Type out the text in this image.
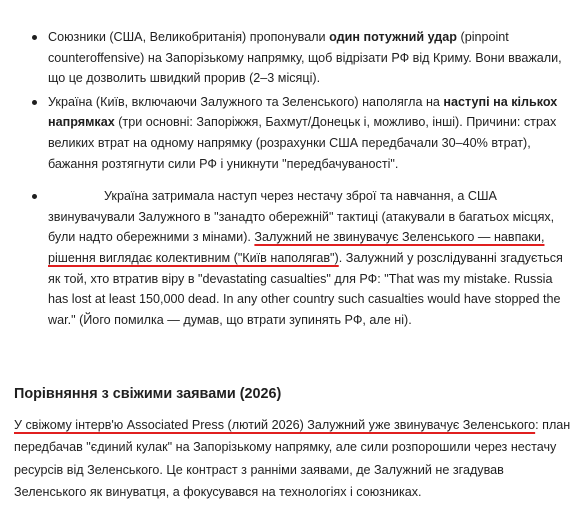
Союзники (США, Великобританія) пропонували один потужний удар (pinpoint counteroffensive) на Запорізькому напрямку, щоб відрізати РФ від Криму. Вони вважали, що це дозволить швидкий прорив (2–3 місяці).

Україна (Київ, включаючи Залужного та Зеленського) наполягла на наступі на кількох напрямках (три основні: Запоріжжя, Бахмут/Донецьк і, можливо, інші). Причини: страх великих втрат на одному напрямку (розрахунки США передбачали 30–40% втрат), бажання розтягнути сили РФ і уникнути "передбачуваності".

Україна затримала наступ через нестачу зброї та навчання, а США звинувачували Залужного в "занадто обережній" тактиці (атакували в багатьох місцях, були надто обережними з мінами). Залужний не звинувачує Зеленського — навпаки, рішення виглядає колективним ("Київ наполягав"). Залужний у розслідуванні згадується як той, хто втратив віру в "devastating casualties" для РФ: "That was my mistake. Russia has lost at least 150,000 dead. In any other country such casualties would have stopped the war." (Його помилка — думав, що втрати зупинять РФ, але ні).

Порівняння з свіжими заявами (2026)
У свіжому інтерв'ю Associated Press (лютий 2026) Залужний уже звинувачує Зеленського: план передбачав "єдиний кулак" на Запорізькому напрямку, але сили розпорошили через нестачу ресурсів від Зеленського. Це контраст з ранніми заявами, де Залужний не згадував Зеленського як винуватця, а фокусувався на технологіях і союзниках.
